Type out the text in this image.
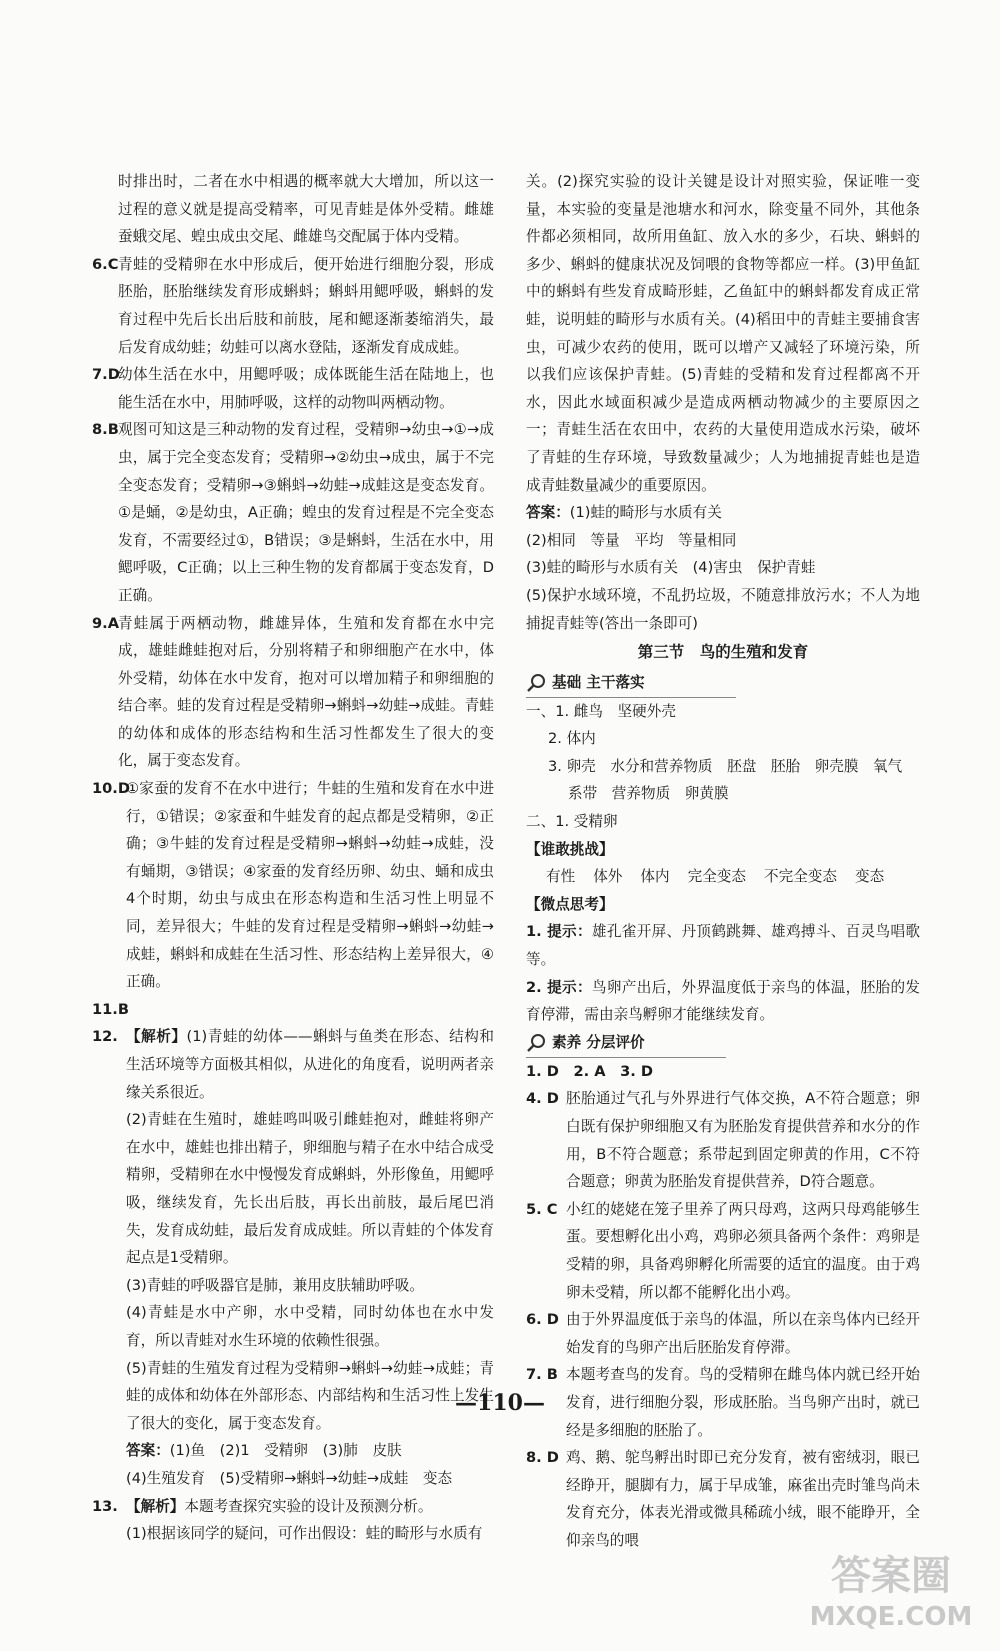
时排出时，二者在水中相遇的概率就大大增加，所以这一过程的意义就是提高受精率，可见青蛙是体外受精。雌雄蚕蛾交尾、蝗虫成虫交尾、雌雄鸟交配属于体内受精。

6.C 青蛙的受精卵在水中形成后，便开始进行细胞分裂，形成胚胎，胚胎继续发育形成蝌蚪；蝌蚪用鳃呼吸，蝌蚪的发育过程中先后长出后肢和前肢，尾和鳃逐渐萎缩消失，最后发育成幼蛙；幼蛙可以离水登陆，逐渐发育成成蛙。

7.D

幼体生活在水中，用鳃呼吸；成体既能生活在陆地上，也能生活在水中，用肺呼吸，这样的动物叫两栖动物。

8.B 观图可知这是三种动物的发育过程，受精卵→幼虫→①→成虫，属于完全变态发育；受精卵→②幼虫→成虫，属于不完全变态发育；受精卵→③蝌蚪→幼蛙→成蛙这是变态发育。①是蛹，②是幼虫，A正确；蝗虫的发育过程是不完全变态发育，不需要经过①，B错误；③是蝌蚪，生活在水中，用鳃呼吸，C正确；以上三种生物的发育都属于变态发育，D正确。

9.A 青蛙属于两栖动物，雌雄异体，生殖和发育都在水中完成，雄蛙雌蛙抱对后，分别将精子和卵细胞产在水中，体外受精，幼体在水中发育，抱对可以增加精子和卵细胞的结合率。蛙的发育过程是受精卵→蝌蚪→幼蛙→成蛙。青蛙的幼体和成体的形态结构和生活习性都发生了很大的变化，属于变态发育。

10.D

①家蚕的发育不在水中进行；牛蛙的生殖和发育在水中进行，①错误；②家蚕和牛蛙发育的起点都是受精卵，②正确；③牛蛙的发育过程是受精卵→蝌蚪→幼蛙→成蛙，没有蛹期，③错误；④家蚕的发育经历卵、幼虫、蛹和成虫4个时期，幼虫与成虫在形态构造和生活习性上明显不同，差异很大；牛蛙的发育过程是受精卵→蝌蚪→幼蛙→成蛙，蝌蚪和成蛙在生活习性、形态结构上差异很大，④正确。

11.B
12. 【解析】(1)青蛙的幼体——蝌蚪与鱼类在形态、结构和生活环境等方面极其相似，从进化的角度看，说明两者亲缘关系很近。

(2)青蛙在生殖时，雄蛙鸣叫吸引雌蛙抱对，雌蛙将卵产在水中，雄蛙也排出精子，卵细胞与精子在水中结合成受精卵，受精卵在水中慢慢发育成蝌蚪，外形像鱼，用鳃呼吸，继续发育，先长出后肢，再长出前肢，最后尾巴消失，发育成幼蛙，最后发育成成蛙。所以青蛙的个体发育起点是1受精卵。

(3)青蛙的呼吸器官是肺，兼用皮肤辅助呼吸。

(4)青蛙是水中产卵，水中受精，同时幼体也在水中发育，所以青蛙对水生环境的依赖性很强。

(5)青蛙的生殖发育过程为受精卵→蝌蚪→幼蛙→成蛙；青蛙的成体和幼体在外部形态、内部结构和生活习性上发生了很大的变化，属于变态发育。

答案：(1)鱼　(2)1　受精卵　(3)肺　皮肤

(4)生殖发育　(5)受精卵→蝌蚪→幼蛙→成蛙　变态

13. 【解析】本题考查探究实验的设计及预测分析。

(1)根据该同学的疑问，可作出假设：蛙的畸形与水质有

关。(2)探究实验的设计关键是设计对照实验，保证唯一变量，本实验的变量是池塘水和河水，除变量不同外，其他条件都必须相同，故所用鱼缸、放入水的多少，石块、蝌蚪的多少、蝌蚪的健康状况及饲喂的食物等都应一样。(3)甲鱼缸中的蝌蚪有些发育成畸形蛙，乙鱼缸中的蝌蚪都发育成正常蛙，说明蛙的畸形与水质有关。(4)稻田中的青蛙主要捕食害虫，可减少农药的使用，既可以增产又减轻了环境污染，所以我们应该保护青蛙。(5)青蛙的受精和发育过程都离不开水，因此水域面积减少是造成两栖动物减少的主要原因之一；青蛙生活在农田中，农药的大量使用造成水污染，破坏了青蛙的生存环境，导致数量减少；人为地捕捉青蛙也是造成青蛙数量减少的重要原因。

答案：(1)蛙的畸形与水质有关

(2)相同　等量　平均　等量相同

(3)蛙的畸形与水质有关　(4)害虫　保护青蛙

(5)保护水域环境，不乱扔垃圾，不随意排放污水；不人为地捕捉青蛙等(答出一条即可)

第三节　鸟的生殖和发育
基础 主干落实

一、1. 雌鸟　坚硬外壳

2. 体内

3. 卵壳　水分和营养物质　胚盘　胚胎　卵壳膜　氧气

系带　营养物质　卵黄膜

二、1. 受精卵

【谁敢挑战】

有性 体外 体内 完全变态 不完全变态 变态

【微点思考】

1. 提示：雄孔雀开屏、丹顶鹤跳舞、雄鸡搏斗、百灵鸟唱歌等。

2. 提示：鸟卵产出后，外界温度低于亲鸟的体温，胚胎的发育停滞，需由亲鸟孵卵才能继续发育。

素养 分层评价

1. D　2. A　3. D

4. D 胚胎通过气孔与外界进行气体交换，A不符合题意；卵白既有保护卵细胞又有为胚胎发育提供营养和水分的作用，B不符合题意；系带起到固定卵黄的作用，C不符合题意；卵黄为胚胎发育提供营养，D符合题意。

5. C 小红的姥姥在笼子里养了两只母鸡，这两只母鸡能够生蛋。要想孵化出小鸡，鸡卵必须具备两个条件：鸡卵是受精的卵，具备鸡卵孵化所需要的适宜的温度。由于鸡卵未受精，所以都不能孵化出小鸡。

6. D 由于外界温度低于亲鸟的体温，所以在亲鸟体内已经开始发育的鸟卵产出后胚胎发育停滞。

7. B 本题考查鸟的发育。鸟的受精卵在雌鸟体内就已经开始发育，进行细胞分裂，形成胚胎。当鸟卵产出时，就已经是多细胞的胚胎了。

8. D 鸡、鹅、鸵鸟孵出时即已充分发育，被有密绒羽，眼已经睁开，腿脚有力，属于早成雏，麻雀出壳时雏鸟尚未发育充分，体表光滑或微具稀疏小绒，眼不能睁开，全仰亲鸟的喂

—110—
答案圈
MXQE.COM
